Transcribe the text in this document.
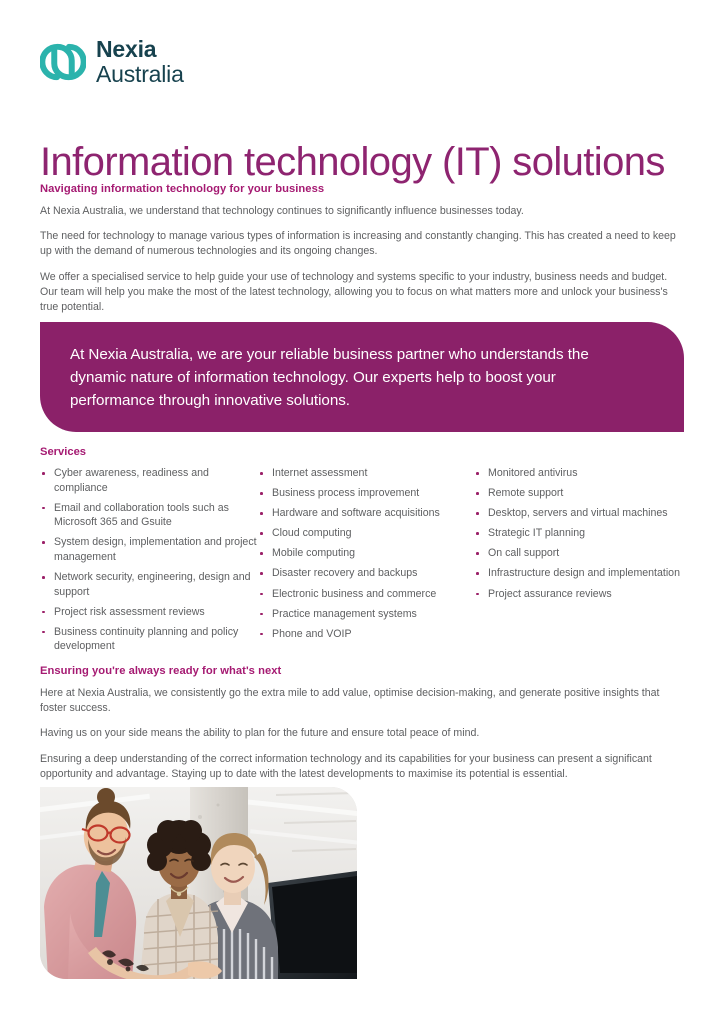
Nexia
Australia
Information technology (IT) solutions
Navigating information technology for your business

At Nexia Australia, we understand that technology continues to significantly influence businesses today.

The need for technology to manage various types of information is increasing and constantly changing. This has created a need to keep up with the demand of numerous technologies and its ongoing changes.

We offer a specialised service to help guide your use of technology and systems specific to your industry, business needs and budget. Our team will help you make the most of the latest technology, allowing you to focus on what matters more and unlock your business's true potential.

At Nexia Australia, we are your reliable business partner who understands the dynamic nature of information technology. Our experts help to boost your performance through innovative solutions.
Services
Cyber awareness, readiness and compliance
Email and collaboration tools such as Microsoft 365 and Gsuite
System design, implementation and project management
Network security, engineering, design and support
Project risk assessment reviews
Business continuity planning and policy development
Internet assessment
Business process improvement
Hardware and software acquisitions
Cloud computing
Mobile computing
Disaster recovery and backups
Electronic business and commerce
Practice management systems
Phone and VOIP
Monitored antivirus
Remote support
Desktop, servers and virtual machines
Strategic IT planning
On call support
Infrastructure design and implementation
Project assurance reviews
Ensuring you're always ready for what's next

Here at Nexia Australia, we consistently go the extra mile to add value, optimise decision-making, and generate positive insights that foster success.

Having us on your side means the ability to plan for the future and ensure total peace of mind.

Ensuring a deep understanding of the correct information technology and its capabilities for your business can present a significant opportunity and advantage. Staying up to date with the latest developments to maximise its potential is essential.
